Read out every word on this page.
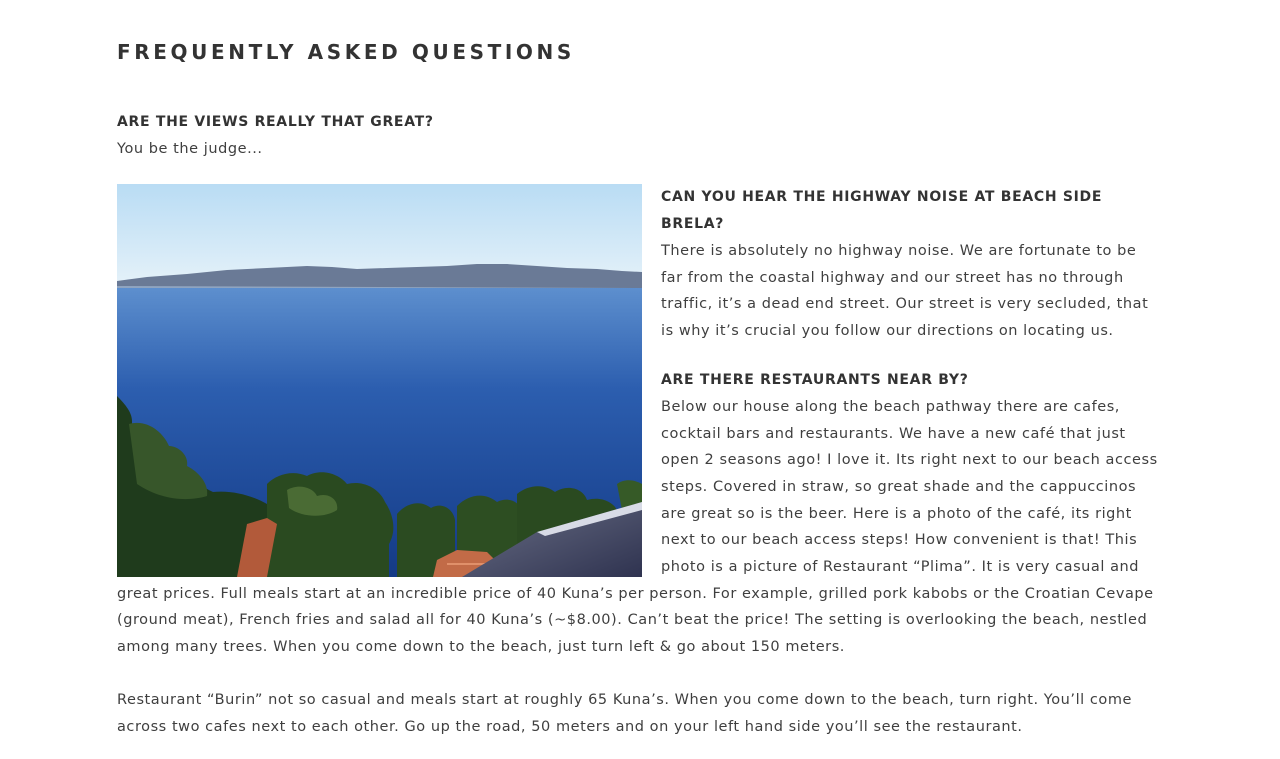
FREQUENTLY ASKED QUESTIONS

ARE THE VIEWS REALLY THAT GREAT?

You be the judge...

CAN YOU HEAR THE HIGHWAY NOISE AT BEACH SIDE BRELA?

There is absolutely no highway noise. We are fortunate to be far from the coastal highway and our street has no through traffic, it’s a dead end street. Our street is very secluded, that is why it’s crucial you follow our directions on locating us.

ARE THERE RESTAURANTS NEAR BY?

Below our house along the beach pathway there are cafes, cocktail bars and restaurants. We have a new café that just open 2 seasons ago! I love it. Its right next to our beach access steps. Covered in straw, so great shade and the cappuccinos are great so is the beer. Here is a photo of the café, its right next to our beach access steps! How convenient is that! This photo is a picture of Restaurant “Plima”. It is very casual and great prices. Full meals start at an incredible price of 40 Kuna’s per person. For example, grilled pork kabobs or the Croatian Cevape (ground meat), French fries and salad all for 40 Kuna’s (~$8.00). Can’t beat the price! The setting is overlooking the beach, nestled among many trees. When you come down to the beach, just turn left & go about 150 meters.

Restaurant “Burin” not so casual and meals start at roughly 65 Kuna’s. When you come down to the beach, turn right. You’ll come across two cafes next to each other. Go up the road, 50 meters and on your left hand side you’ll see the restaurant.
